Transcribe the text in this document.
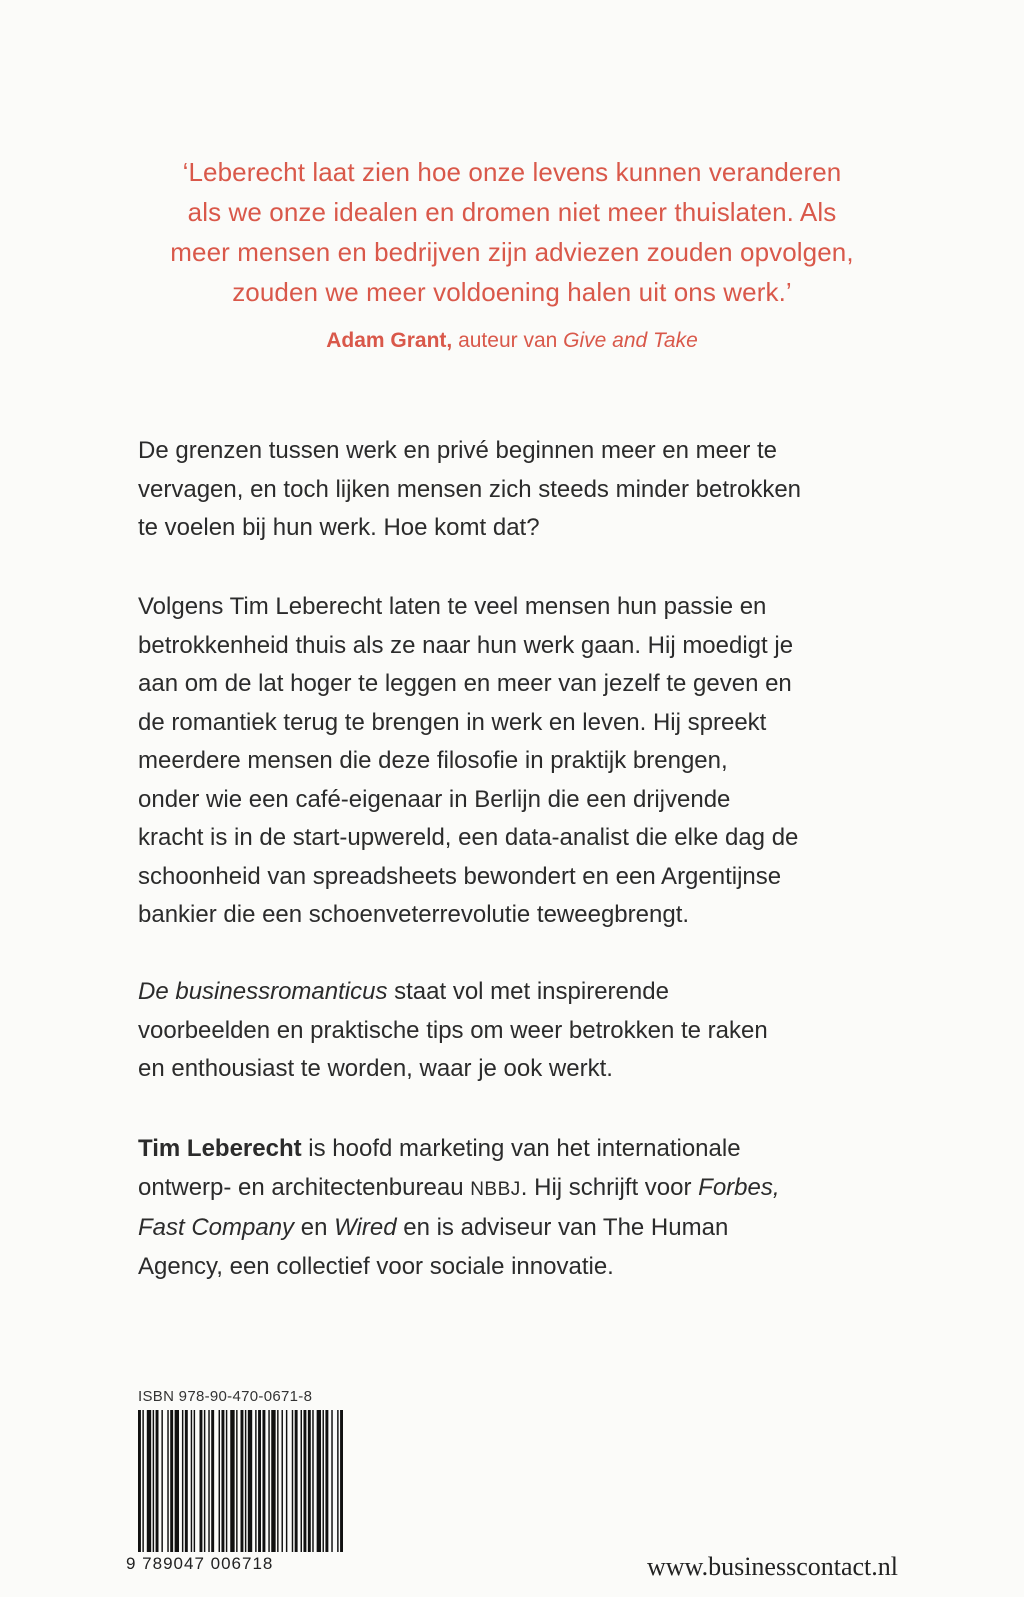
‘Leberecht laat zien hoe onze levens kunnen veranderen

als we onze idealen en dromen niet meer thuislaten. Als

meer mensen en bedrijven zijn adviezen zouden opvolgen,

zouden we meer voldoening halen uit ons werk.’

Adam Grant, auteur van Give and Take

De grenzen tussen werk en privé beginnen meer en meer te

vervagen, en toch lijken mensen zich steeds minder betrokken

te voelen bij hun werk. Hoe komt dat?

Volgens Tim Leberecht laten te veel mensen hun passie en

betrokkenheid thuis als ze naar hun werk gaan. Hij moedigt je

aan om de lat hoger te leggen en meer van jezelf te geven en

de romantiek terug te brengen in werk en leven. Hij spreekt

meerdere mensen die deze filosofie in praktijk brengen,

onder wie een café-eigenaar in Berlijn die een drijvende

kracht is in de start-upwereld, een data-analist die elke dag de

schoonheid van spreadsheets bewondert en een Argentijnse

bankier die een schoenveterrevolutie teweegbrengt.

De businessromanticus staat vol met inspirerende

voorbeelden en praktische tips om weer betrokken te raken

en enthousiast te worden, waar je ook werkt.

Tim Leberecht is hoofd marketing van het internationale

ontwerp- en architectenbureau NBBJ. Hij schrijft voor Forbes,

Fast Company en Wired en is adviseur van The Human

Agency, een collectief voor sociale innovatie.

ISBN 978-90-470-0671-8
9 789047 006718	www.businesscontact.nl
